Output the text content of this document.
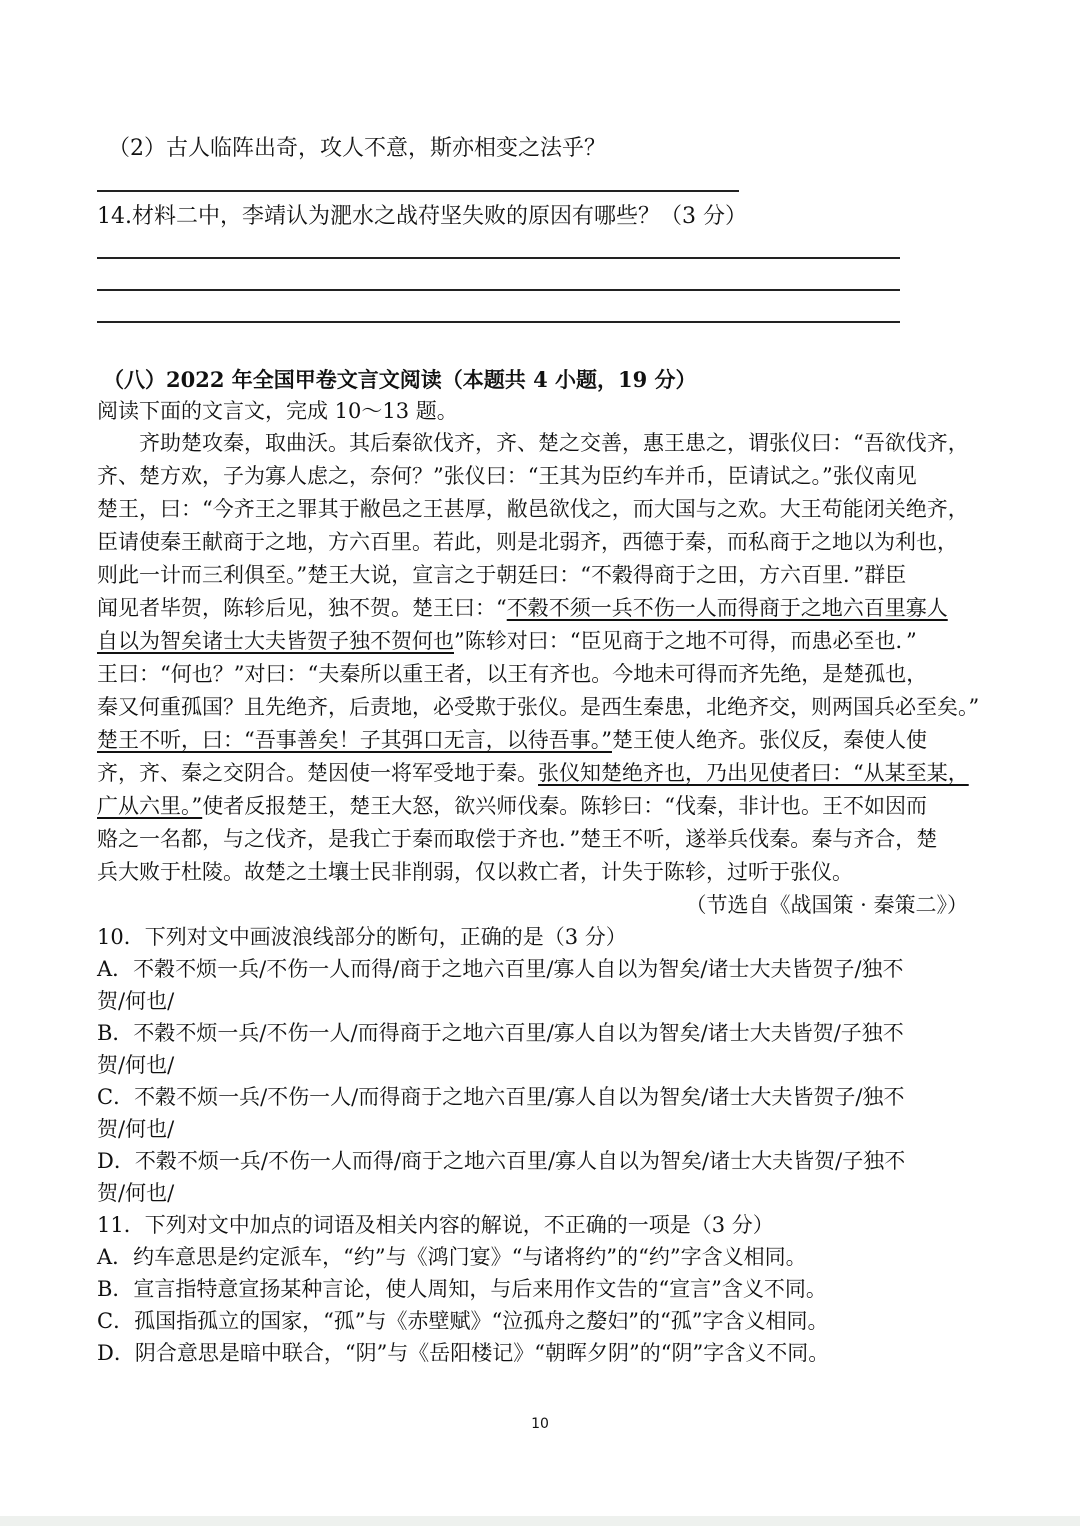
（2）古人临阵出奇，攻人不意，斯亦相变之法乎？
14.材料二中，李靖认为淝水之战苻坚失败的原因有哪些？（3 分）
（八）2022 年全国甲卷文言文阅读（本题共 4 小题，19 分）
阅读下面的文言文，完成 10～13 题。
　　齐助楚攻秦，取曲沃。其后秦欲伐齐，齐、楚之交善，惠王患之，谓张仪曰：“吾欲伐齐，
齐、楚方欢，子为寡人虑之，奈何？”张仪曰：“王其为臣约车并币，臣请试之。”张仪南见
楚王，曰：“今齐王之罪其于敝邑之王甚厚，敝邑欲伐之，而大国与之欢。大王苟能闭关绝齐，
臣请使秦王献商于之地，方六百里。若此，则是北弱齐，西德于秦，而私商于之地以为利也，
则此一计而三利俱至。”楚王大说，宣言之于朝廷曰：“不穀得商于之田，方六百里．”群臣
闻见者毕贺，陈轸后见，独不贺。楚王曰：“不穀不须一兵不伤一人而得商于之地六百里寡人
自以为智矣诸士大夫皆贺子独不贺何也”陈轸对曰：“臣见商于之地不可得，而患必至也．”
王曰：“何也？”对曰：“夫秦所以重王者，以王有齐也。今地未可得而齐先绝，是楚孤也，
秦又何重孤国？且先绝齐，后责地，必受欺于张仪。是西生秦患，北绝齐交，则两国兵必至矣。”
楚王不听，曰：“吾事善矣！子其弭口无言，以待吾事。”楚王使人绝齐。张仪反，秦使人使
齐，齐、秦之交阴合。楚因使一将军受地于秦。张仪知楚绝齐也，乃出见使者曰：“从某至某，
广从六里。”使者反报楚王，楚王大怒，欲兴师伐秦。陈轸曰：“伐秦，非计也。王不如因而
赂之一名都，与之伐齐，是我亡于秦而取偿于齐也．”楚王不听，遂举兵伐秦。秦与齐合，楚
兵大败于杜陵。故楚之土壤士民非削弱，仅以救亡者，计失于陈轸，过听于张仪。
（节选自《战国策 · 秦策二》）
10．下列对文中画波浪线部分的断句，正确的是（3 分）
A．不穀不烦一兵/不伤一人而得/商于之地六百里/寡人自以为智矣/诸士大夫皆贺子/独不
贺/何也/
B．不穀不烦一兵/不伤一人/而得商于之地六百里/寡人自以为智矣/诸士大夫皆贺/子独不
贺/何也/
C．不穀不烦一兵/不伤一人/而得商于之地六百里/寡人自以为智矣/诸士大夫皆贺子/独不
贺/何也/
D．不穀不烦一兵/不伤一人而得/商于之地六百里/寡人自以为智矣/诸士大夫皆贺/子独不
贺/何也/
11．下列对文中加点的词语及相关内容的解说，不正确的一项是（3 分）
A．约车意思是约定派车，“约”与《鸿门宴》“与诸将约”的“约”字含义相同。
B．宣言指特意宣扬某种言论，使人周知，与后来用作文告的“宣言”含义不同。
C．孤国指孤立的国家，“孤”与《赤壁赋》“泣孤舟之嫠妇”的“孤”字含义相同。
D．阴合意思是暗中联合，“阴”与《岳阳楼记》“朝晖夕阴”的“阴”字含义不同。
10
